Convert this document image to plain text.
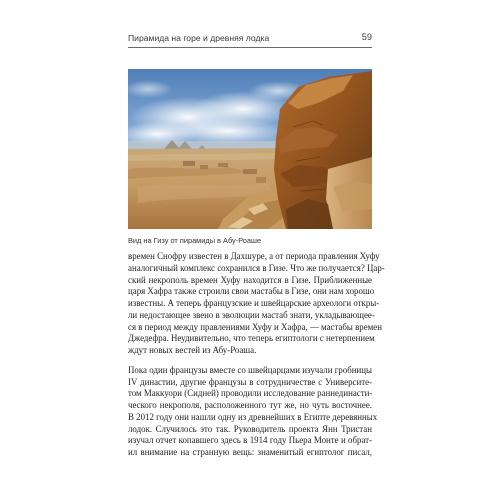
Пирамида на горе и древняя лодка	59
Вид на Гизу от пирамиды в Абу-Роаше

времен Снофру известен в Дахшуре, а от периода правления Хуфу
аналогичный комплекс сохранился в Гизе. Что же получается? Цар-
ский некрополь времен Хуфу находится в Гизе. Приближенные
царя Хафра также строили свои мастабы в Гизе, они нам хорошо
известны. А теперь французские и швейцарские археологи откры-
ли недостающее звено в эволюции мастаб знати, укладывающее-
ся в период между правлениями Хуфу и Хафра, — мастабы времен
Джедефра. Неудивительно, что теперь египтологи с нетерпением
ждут новых вестей из Абу-Роаша.

Пока один французы вместе со швейцарцами изучали гробницы
IV династии, другие французы в сотрудничестве с Университе-
том Маккуори (Сидней) проводили исследование раннединасти-
ческого некрополя, расположенного тут же, но чуть восточнее.
В 2012 году они нашли одну из древнейших в Египте деревянных
лодок. Случилось это так. Руководитель проекта Янн Тристан
изучал отчет копавшего здесь в 1914 году Пьера Монте и обрат-
ил внимание на странную вещь: знаменитый египтолог писал,
